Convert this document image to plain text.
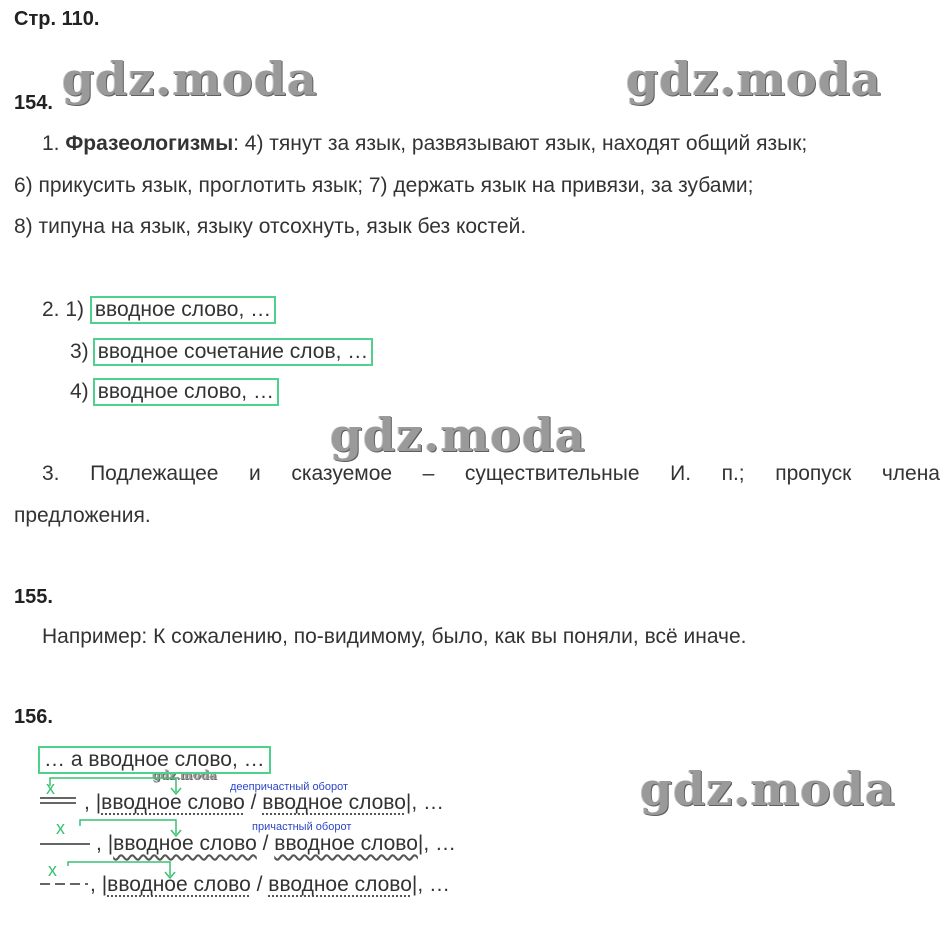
Стр. 110.
gdz.moda	gdz.moda
gdz.moda
gdz.moda
gdz.moda
154.
1. Фразеологизмы: 4) тянут за язык, развязывают язык, находят общий язык;
6) прикусить язык, проглотить язык; 7) держать язык на привязи, за зубами;
8) типуна на язык, языку отсохнуть, язык без костей.
2. 1) вводное слово, …
3) вводное сочетание слов, …
4) вводное слово, …
3. Подлежащее и сказуемое – существительные И. п.; пропуск члена
предложения.
155.
Например: К сожалению, по-видимому, было, как вы поняли, всё иначе.
156.
… а вводное слово, …
х
х
х
деепричастный оборот
причастный оборот
, |вводное слово / вводное слово|, …
, |вводное слово / вводное слово|, …
, |вводное слово / вводное слово|, …
